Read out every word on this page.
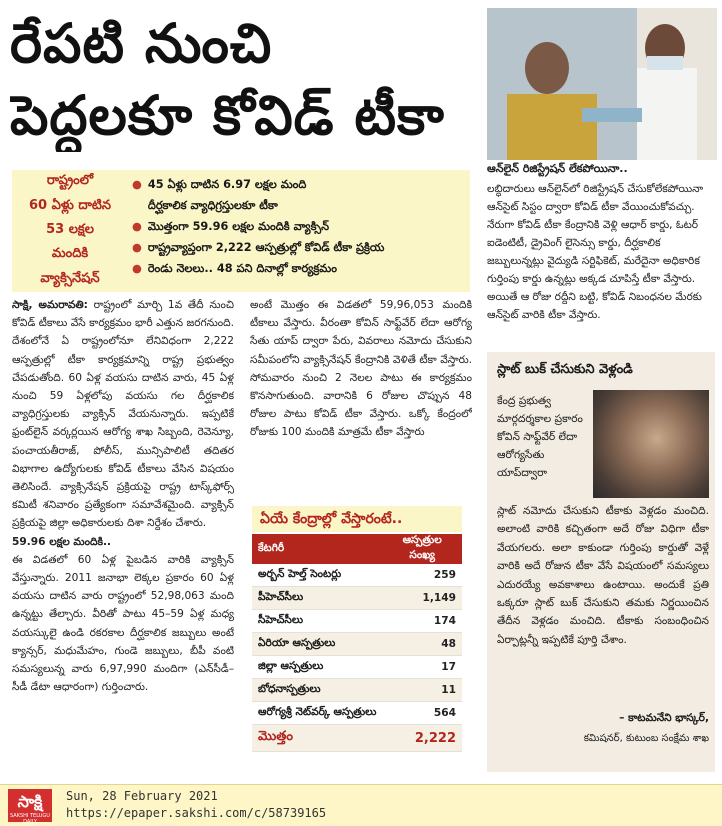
రేపటి నుంచి
పెద్దలకూ కోవిడ్ టీకా
ఆన్‌లైన్ రిజిస్ట్రేషన్ లేకపోయినా..
లబ్ధిదారులు ఆన్‌లైన్‌లో రిజిస్ట్రేషన్ చేసుకోలేకపోయినా ఆన్‌సైట్ సిస్టం ద్వారా కోవిడ్ టీకా వేయించుకోవచ్చు. నేరుగా కోవిడ్ టీకా కేంద్రానికి వెళ్లి ఆధార్ కార్డు, ఓటర్ ఐడెంటిటీ, డ్రైవింగ్ లైసెన్సు కార్డు, దీర్ఘకాలిక జబ్బులున్నట్లు వైద్యుడి సర్టిఫికెట్, మరేదైనా అధికారిక గుర్తింపు కార్డు ఉన్నట్లు అక్కడ చూపిస్తే టీకా వేస్తారు. అయితే ఆ రోజు రద్దీని బట్టి, కోవిడ్ నిబంధనల మేరకు ఆన్‌సైట్ వారికి టీకా వేస్తారు.
రాష్ట్రంలో
60 ఏళ్లు దాటిన
53 లక్షల
మందికి
వ్యాక్సినేషన్
● 45 ఏళ్లు దాటిన 6.97 లక్షల మంది
దీర్ఘకాలిక వ్యాధిగ్రస్తులకూ టీకా
● మొత్తంగా 59.96 లక్షల మందికి వ్యాక్సిన్
● రాష్ట్రవ్యాప్తంగా 2,222 ఆస్పత్రుల్లో కోవిడ్ టీకా ప్రక్రియ
● రెండు నెలలు.. 48 పని దినాల్లో కార్యక్రమం
సాక్షి, అమరావతి: రాష్ట్రంలో మార్చి 1వ తేదీ నుంచి కోవిడ్ టీకాలు వేసే కార్యక్రమం భారీ ఎత్తున జరగనుంది. దేశంలోనే ఏ రాష్ట్రంలోనూ లేనివిధంగా 2,222 ఆస్పత్రుల్లో టీకా కార్యక్రమాన్ని రాష్ట్ర ప్రభుత్వం చేపడుతోంది. 60 ఏళ్ల వయసు దాటిన వారు, 45 ఏళ్ల నుంచి 59 ఏళ్లలోపు వయసు గల దీర్ఘకాలిక వ్యాధిగ్రస్తులకు వ్యాక్సిన్ వేయనున్నారు. ఇప్పటికే ఫ్రంట్‌లైన్ వర్కర్లయిన ఆరోగ్య శాఖ సిబ్బంది, రెవెన్యూ, పంచాయతీరాజ్, పోలీస్, మున్సిపాలిటీ తదితర విభాగాల ఉద్యోగులకు కోవిడ్ టీకాలు వేసిన విషయం తెలిసిందే. వ్యాక్సినేషన్ ప్రక్రియపై రాష్ట్ర టాస్క్‌ఫోర్స్ కమిటీ శనివారం ప్రత్యేకంగా సమావేశమైంది. వ్యాక్సిన్ ప్రక్రియపై జిల్లా అధికారులకు దిశా నిర్దేశం చేశారు.
59.96 లక్షల మందికి..
ఈ విడతలో 60 ఏళ్ల పైబడిన వారికి వ్యాక్సిన్ వేస్తున్నారు. 2011 జనాభా లెక్కల ప్రకారం 60 ఏళ్ల వయసు దాటిన వారు రాష్ట్రంలో 52,98,063 మంది ఉన్నట్టు తేల్చారు. వీరితో పాటు 45–59 ఏళ్ల మధ్య వయస్కులై ఉండి రకరకాల దీర్ఘకాలిక జబ్బులు అంటే క్యాన్సర్, మధుమేహం, గుండె జబ్బులు, బీపీ వంటి సమస్యలున్న వారు 6,97,990 మందిగా (ఎన్‌సీడీ–సీడీ డేటా ఆధారంగా) గుర్తించారు.
అంటే మొత్తం ఈ విడతలో 59,96,053 మందికి టీకాలు వేస్తారు. వీరంతా కోవిన్ సాఫ్ట్‌వేర్ లేదా ఆరోగ్య సేతు యాప్ ద్వారా పేరు, వివరాలు నమోదు చేసుకుని సమీపంలోని వ్యాక్సినేషన్ కేంద్రానికి వెళితే టీకా వేస్తారు. సోమవారం నుంచి 2 నెలల పాటు ఈ కార్యక్రమం కొనసాగుతుంది. వారానికి 6 రోజుల చొప్పున 48 రోజుల పాటు కోవిడ్ టీకా వేస్తారు. ఒక్కో కేంద్రంలో రోజుకు 100 మందికి మాత్రమే టీకా వేస్తారు
ఏయే కేంద్రాల్లో వేస్తారంటే..
కేటగిరీ	ఆస్పత్రుల సంఖ్య
అర్బన్ హెల్త్ సెంటర్లు	259
పీహెచ్‌సీలు	1,149
సీహెచ్‌సీలు	174
ఏరియా ఆస్పత్రులు	48
జిల్లా ఆస్పత్రులు	17
బోధనాస్పత్రులు	11
ఆరోగ్యశ్రీ నెట్‌వర్క్ ఆస్పత్రులు	564
మొత్తం	2,222
స్లాట్ బుక్ చేసుకుని వెళ్లండి
కేంద్ర ప్రభుత్వ మార్గదర్శకాల ప్రకారం కోవిన్ సాఫ్ట్‌వేర్ లేదా ఆరోగ్యసేతు యాప్‌ద్వారా
స్లాట్ నమోదు చేసుకుని టీకాకు వెళ్లడం మంచిది. అలాంటి వారికి కచ్చితంగా అదే రోజు విధిగా టీకా వేయగలరు. అలా కాకుండా గుర్తింపు కార్డుతో వెళ్లే వారికి అదే రోజున టీకా వేసే విషయంలో సమస్యలు ఎదురయ్యే అవకాశాలు ఉంటాయి. అందుకే ప్రతి ఒక్కరూ స్లాట్ బుక్ చేసుకుని తమకు నిర్ణయించిన తేదీన వెళ్లడం మంచిది. టీకాకు సంబంధించిన ఏర్పాట్లన్నీ ఇప్పటికే పూర్తి చేశాం.
– కాటమనేని భాస్కర్,
కమిషనర్, కుటుంబ సంక్షేమ శాఖ
సాక్షి
SAKSHI TELUGU DAILY
Sun, 28 February 2021
https://epaper.sakshi.com/c/58739165
